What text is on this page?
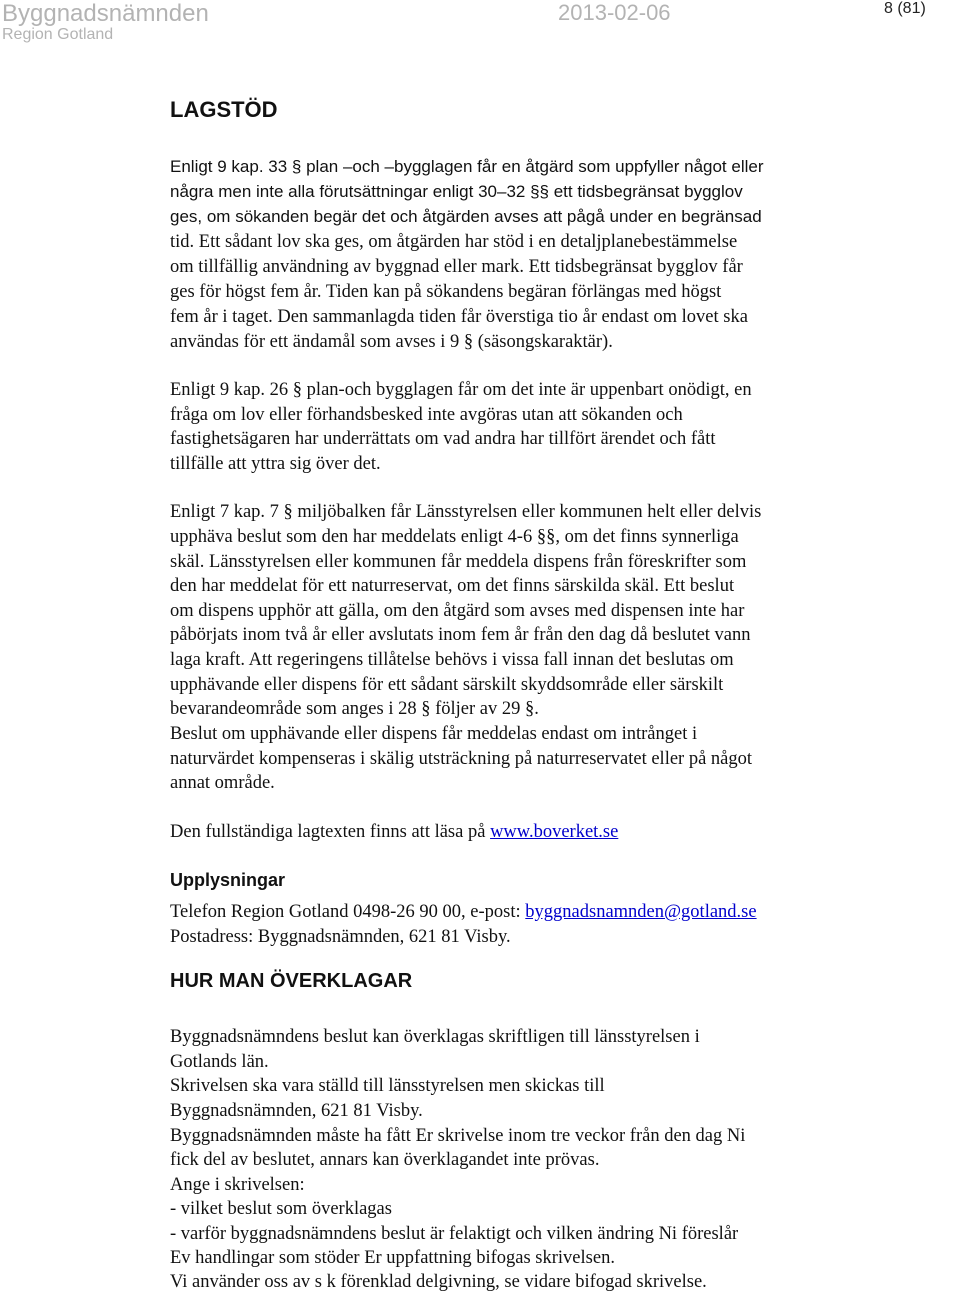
Byggnadsnämnden
Region Gotland
2013-02-06	8 (81)
LAGSTÖD
Enligt 9 kap. 33 § plan –och –bygglagen får en åtgärd som uppfyller något eller
några men inte alla förutsättningar enligt 30–32 §§ ett tidsbegränsat bygglov
ges, om sökanden begär det och åtgärden avses att pågå under en begränsad
tid. Ett sådant lov ska ges, om åtgärden har stöd i en detaljplanebestämmelse
om tillfällig användning av byggnad eller mark. Ett tidsbegränsat bygglov får
ges för högst fem år. Tiden kan på sökandens begäran förlängas med högst
fem år i taget. Den sammanlagda tiden får överstiga tio år endast om lovet ska
användas för ett ändamål som avses i 9 § (säsongskaraktär).
Enligt 9 kap. 26 § plan-och bygglagen får om det inte är uppenbart onödigt, en
fråga om lov eller förhandsbesked inte avgöras utan att sökanden och
fastighetsägaren har underrättats om vad andra har tillfört ärendet och fått
tillfälle att yttra sig över det.
Enligt 7 kap. 7 § miljöbalken får Länsstyrelsen eller kommunen helt eller delvis
upphäva beslut som den har meddelats enligt 4-6 §§, om det finns synnerliga
skäl. Länsstyrelsen eller kommunen får meddela dispens från föreskrifter som
den har meddelat för ett naturreservat, om det finns särskilda skäl. Ett beslut
om dispens upphör att gälla, om den åtgärd som avses med dispensen inte har
påbörjats inom två år eller avslutats inom fem år från den dag då beslutet vann
laga kraft. Att regeringens tillåtelse behövs i vissa fall innan det beslutas om
upphävande eller dispens för ett sådant särskilt skyddsområde eller särskilt
bevarandeområde som anges i 28 § följer av 29 §.
Beslut om upphävande eller dispens får meddelas endast om intrånget i
naturvärdet kompenseras i skälig utsträckning på naturreservatet eller på något
annat område.
Den fullständiga lagtexten finns att läsa på www.boverket.se
Upplysningar
Telefon Region Gotland 0498-26 90 00, e-post: byggnadsnamnden@gotland.se
Postadress: Byggnadsnämnden, 621 81 Visby.
HUR MAN ÖVERKLAGAR
Byggnadsnämndens beslut kan överklagas skriftligen till länsstyrelsen i
Gotlands län.
Skrivelsen ska vara ställd till länsstyrelsen men skickas till
Byggnadsnämnden, 621 81 Visby.
Byggnadsnämnden måste ha fått Er skrivelse inom tre veckor från den dag Ni
fick del av beslutet, annars kan överklagandet inte prövas.
Ange i skrivelsen:
- vilket beslut som överklagas
- varför byggnadsnämndens beslut är felaktigt och vilken ändring Ni föreslår
Ev handlingar som stöder Er uppfattning bifogas skrivelsen.
Vi använder oss av s k förenklad delgivning, se vidare bifogad skrivelse.
